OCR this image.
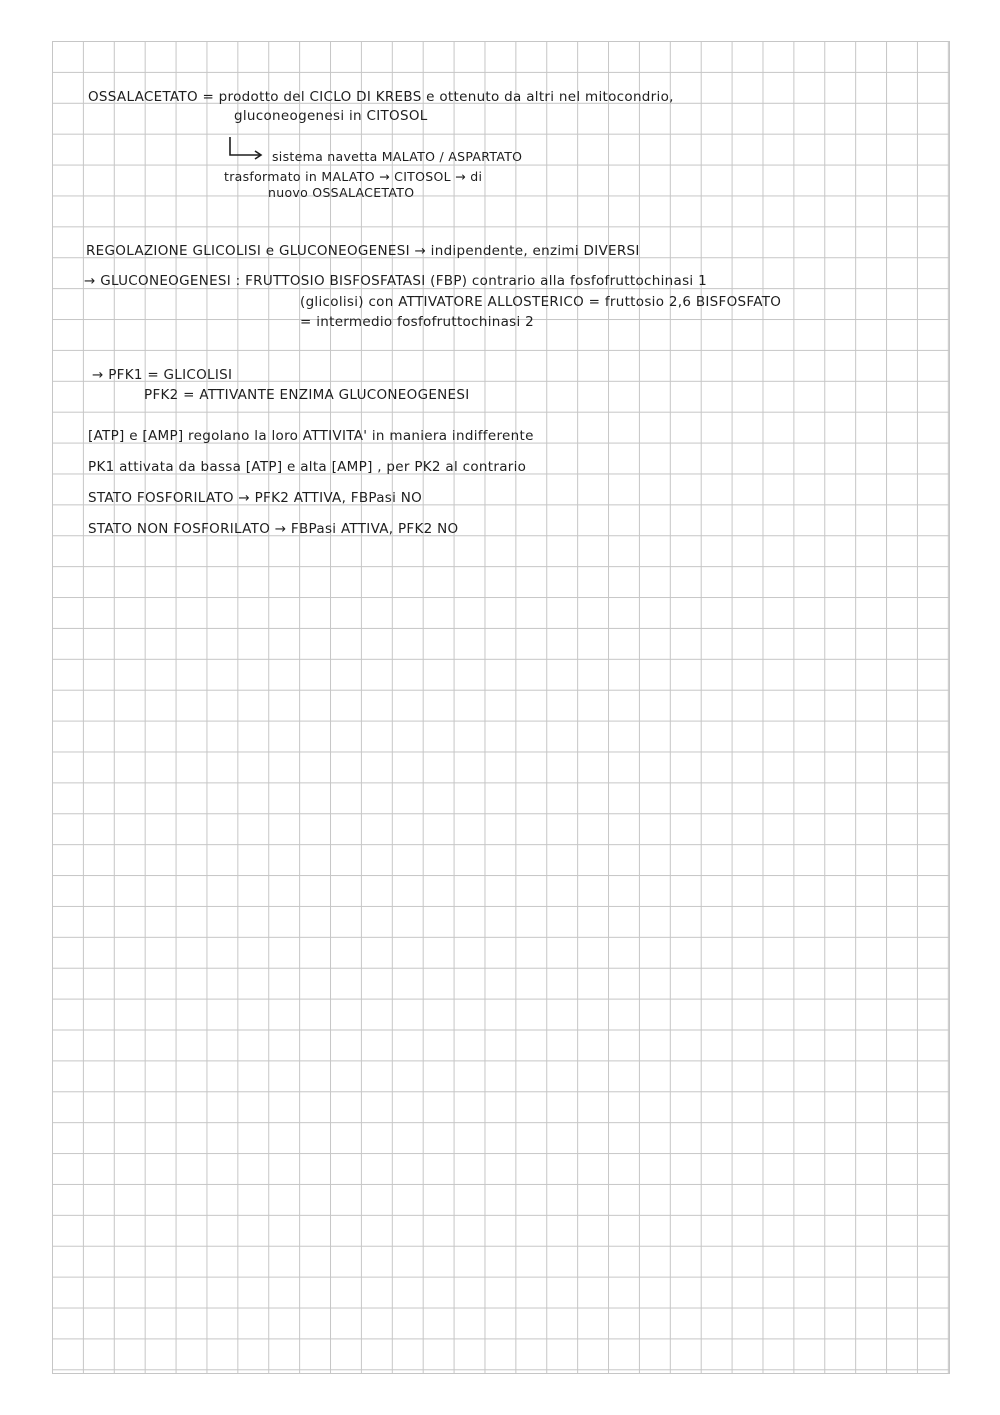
OSSALACETATO = prodotto del CICLO DI KREBS e ottenuto da altri nel mitocondrio,
gluconeogenesi in CITOSOL
sistema navetta MALATO / ASPARTATO
trasformato in MALATO → CITOSOL → di
nuovo OSSALACETATO
REGOLAZIONE GLICOLISI e GLUCONEOGENESI → indipendente, enzimi DIVERSI
→ GLUCONEOGENESI : FRUTTOSIO BISFOSFATASI (FBP) contrario alla fosfofruttochinasi 1
(glicolisi) con ATTIVATORE ALLOSTERICO = fruttosio 2,6 BISFOSFATO
= intermedio fosfofruttochinasi 2
→ PFK1 = GLICOLISI
PFK2 = ATTIVANTE ENZIMA GLUCONEOGENESI
[ATP] e [AMP] regolano la loro ATTIVITA' in maniera indifferente
PK1 attivata da bassa [ATP] e alta [AMP] , per PK2 al contrario
STATO FOSFORILATO → PFK2 ATTIVA, FBPasi NO
STATO NON FOSFORILATO → FBPasi ATTIVA, PFK2 NO
